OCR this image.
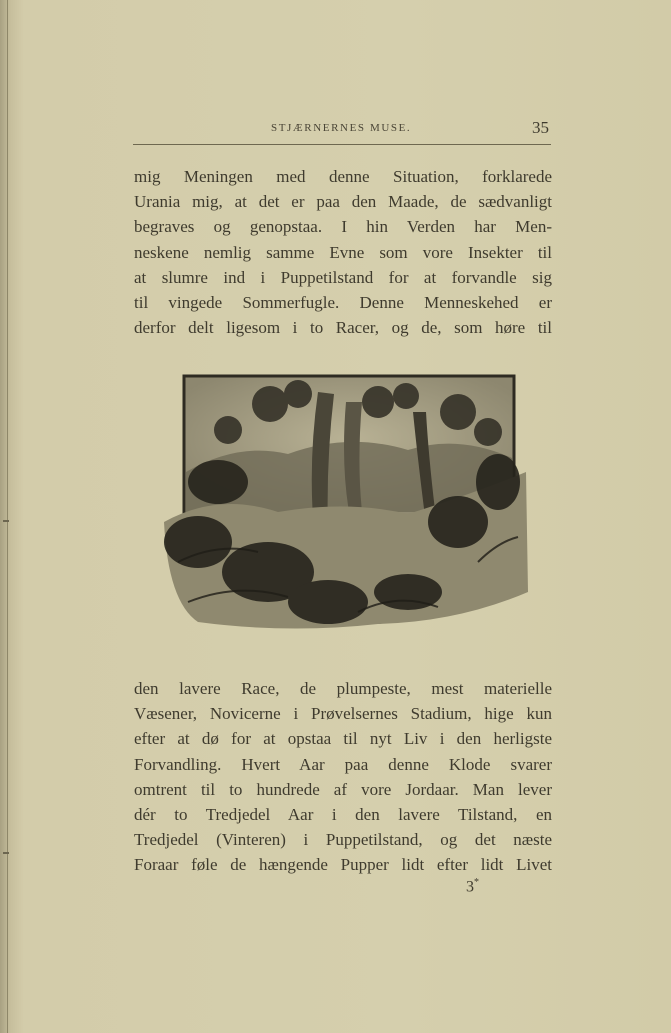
STJÆRNERNES MUSE.	35
mig Meningen med denne Situation, forklarede
Urania mig, at det er paa den Maade, de sædvanligt
begraves og genopstaa. I hin Verden har Men-
neskene nemlig samme Evne som vore Insekter til
at slumre ind i Puppetilstand for at forvandle sig
til vingede Sommerfugle. Denne Menneskehed er
derfor delt ligesom i to Racer, og de, som høre til
den lavere Race, de plumpeste, mest materielle
Væsener, Novicerne i Prøvelsernes Stadium, hige kun
efter at dø for at opstaa til nyt Liv i den herligste
Forvandling. Hvert Aar paa denne Klode svarer
omtrent til to hundrede af vore Jordaar. Man lever
dér to Tredjedel Aar i den lavere Tilstand, en
Tredjedel (Vinteren) i Puppetilstand, og det næste
Foraar føle de hængende Pupper lidt efter lidt Livet
3*
